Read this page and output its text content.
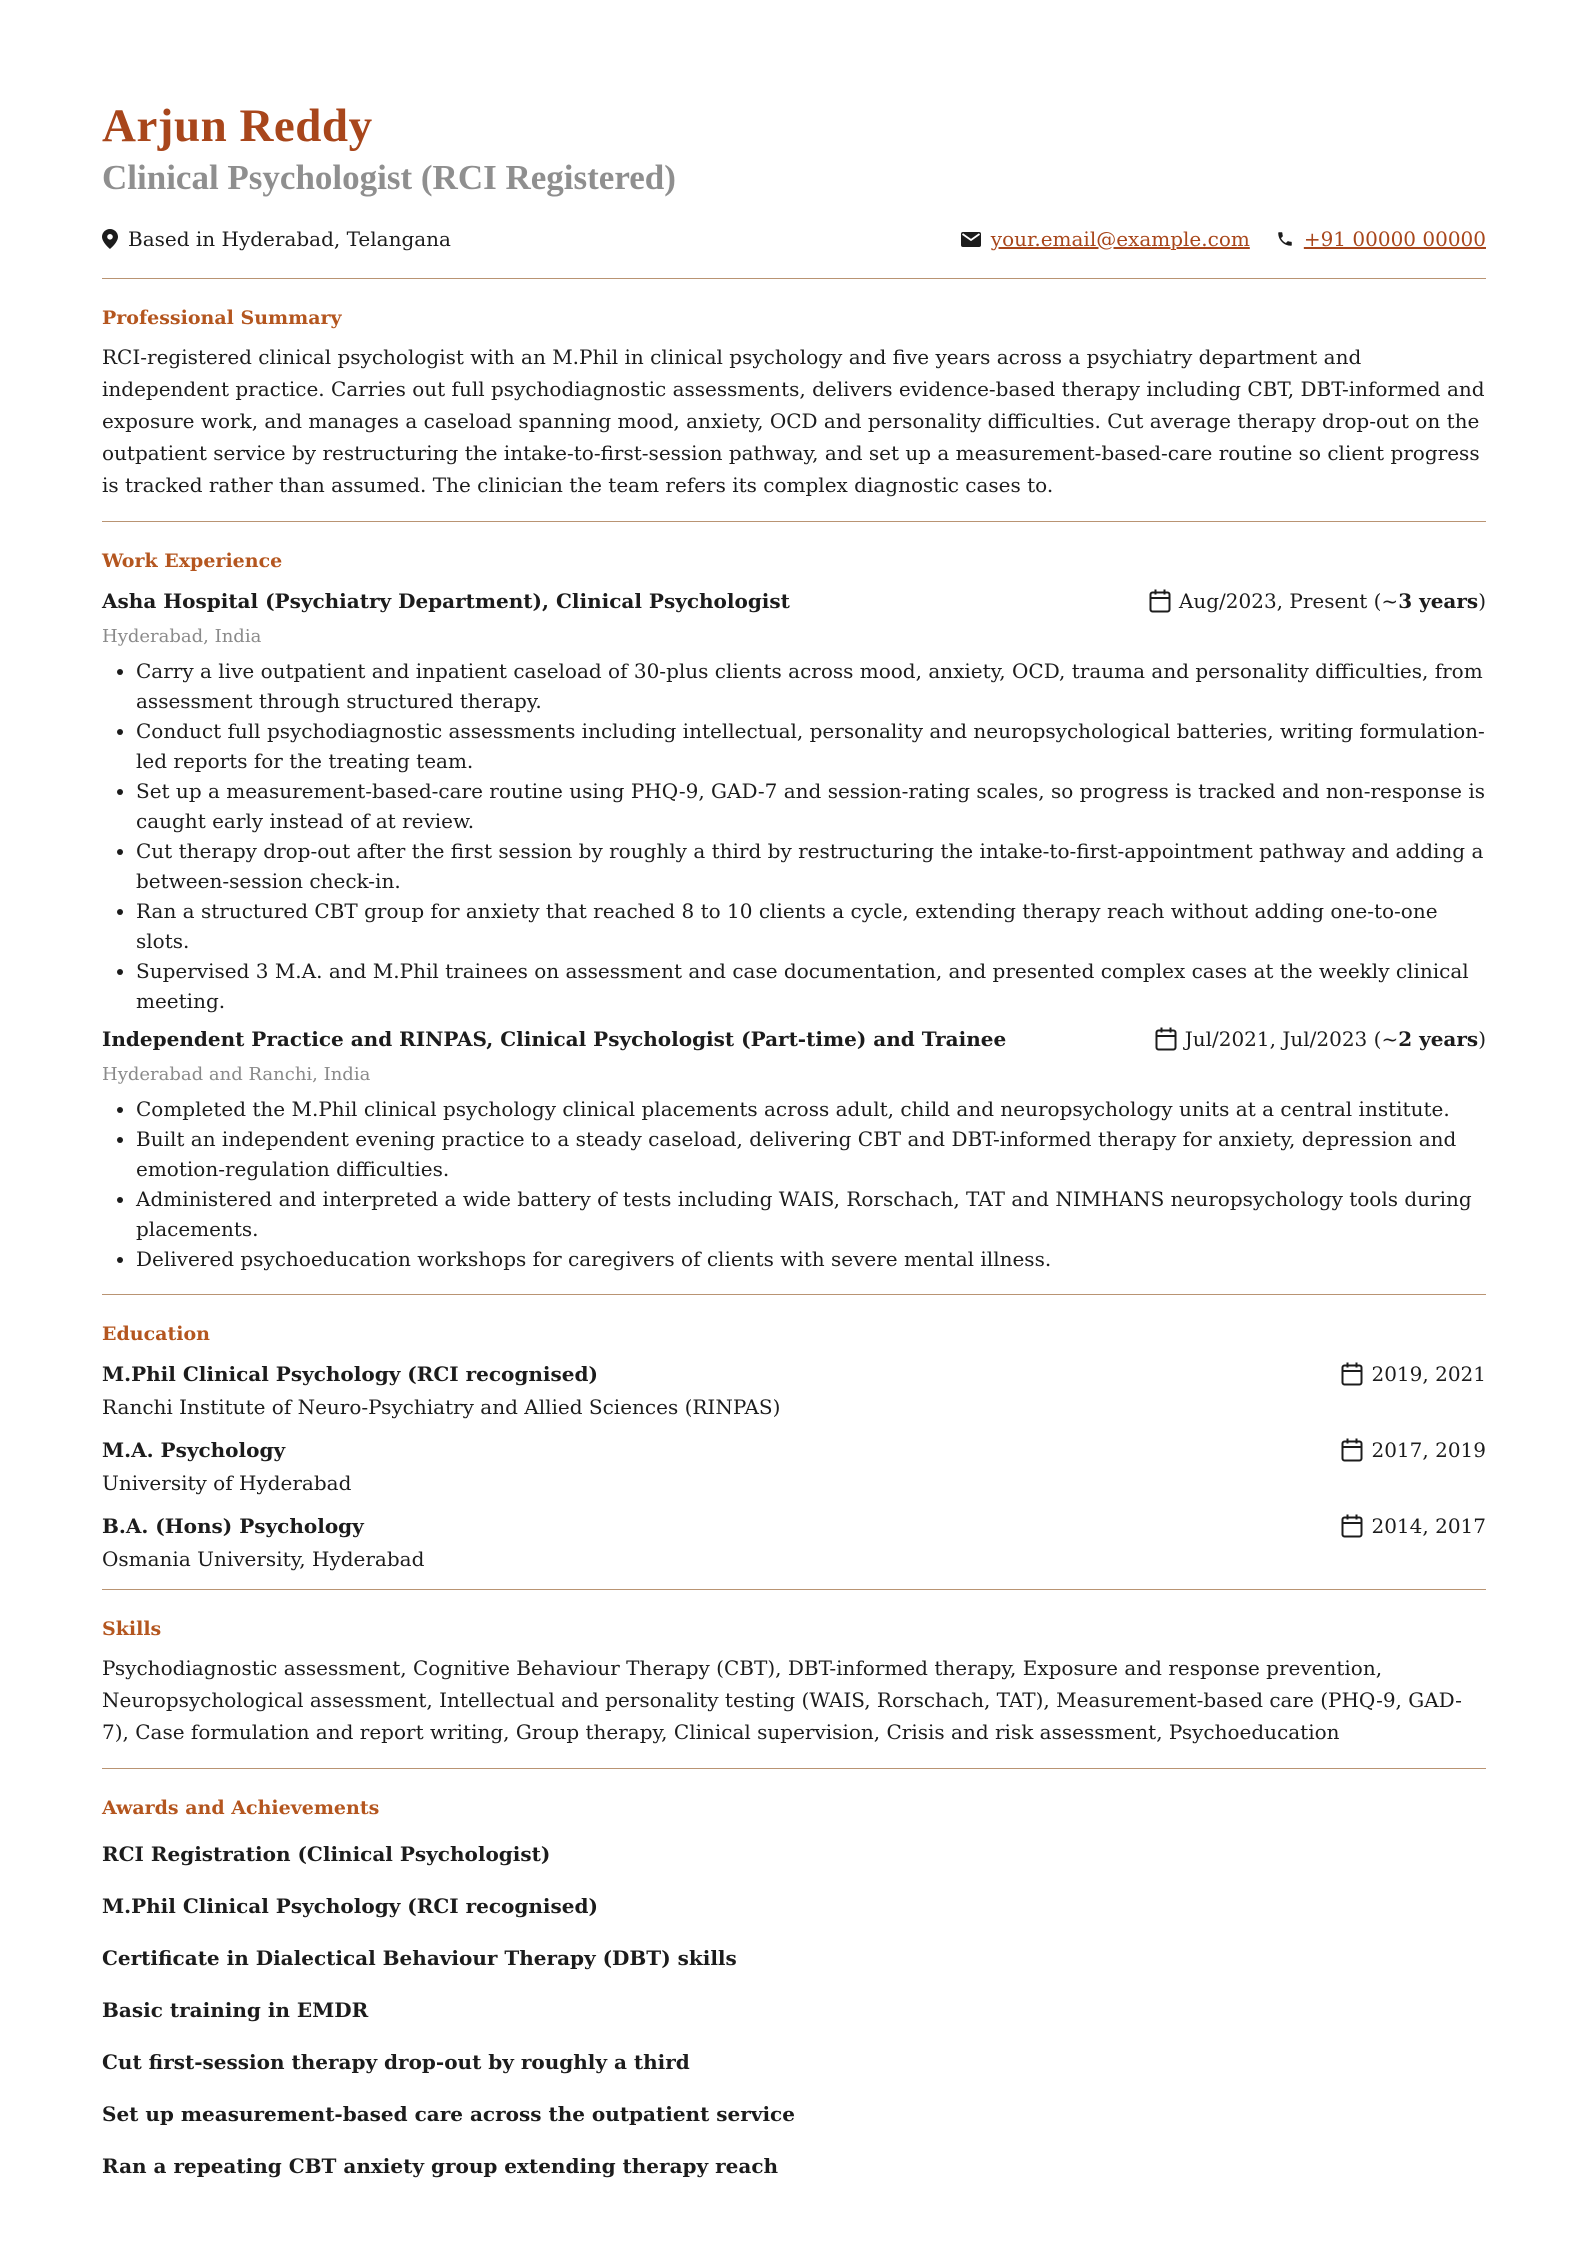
Arjun Reddy
Clinical Psychologist (RCI Registered)
Based in Hyderabad, Telangana	your.email@example.com	+91 00000 00000
Professional Summary

RCI-registered clinical psychologist with an M.Phil in clinical psychology and five years across a psychiatry department and independent practice. Carries out full psychodiagnostic assessments, delivers evidence-based therapy including CBT, DBT-informed and exposure work, and manages a caseload spanning mood, anxiety, OCD and personality difficulties. Cut average therapy drop-out on the outpatient service by restructuring the intake-to-first-session pathway, and set up a measurement-based-care routine so client progress is tracked rather than assumed. The clinician the team refers its complex diagnostic cases to.

Work Experience
Asha Hospital (Psychiatry Department), Clinical Psychologist	Aug/2023, Present (~ 3 years )
Hyderabad, India
• Carry a live outpatient and inpatient caseload of 30-plus clients across mood, anxiety, OCD, trauma and personality difficulties, from assessment through structured therapy.
• Conduct full psychodiagnostic assessments including intellectual, personality and neuropsychological batteries, writing formulation-led reports for the treating team.
• Set up a measurement-based-care routine using PHQ-9, GAD-7 and session-rating scales, so progress is tracked and non-response is caught early instead of at review.
• Cut therapy drop-out after the first session by roughly a third by restructuring the intake-to-first-appointment pathway and adding a between-session check-in.
• Ran a structured CBT group for anxiety that reached 8 to 10 clients a cycle, extending therapy reach without adding one-to-one slots.
• Supervised 3 M.A. and M.Phil trainees on assessment and case documentation, and presented complex cases at the weekly clinical meeting.
Independent Practice and RINPAS, Clinical Psychologist (Part-time) and Trainee	Jul/2021, Jul/2023 (~ 2 years )
Hyderabad and Ranchi, India
• Completed the M.Phil clinical psychology clinical placements across adult, child and neuropsychology units at a central institute.
• Built an independent evening practice to a steady caseload, delivering CBT and DBT-informed therapy for anxiety, depression and emotion-regulation difficulties.
• Administered and interpreted a wide battery of tests including WAIS, Rorschach, TAT and NIMHANS neuropsychology tools during placements.
• Delivered psychoeducation workshops for caregivers of clients with severe mental illness.
Education
M.Phil Clinical Psychology (RCI recognised)	2019, 2021
Ranchi Institute of Neuro-Psychiatry and Allied Sciences (RINPAS)
M.A. Psychology	2017, 2019
University of Hyderabad
B.A. (Hons) Psychology	2014, 2017
Osmania University, Hyderabad
Skills

Psychodiagnostic assessment, Cognitive Behaviour Therapy (CBT), DBT-informed therapy, Exposure and response prevention, Neuropsychological assessment, Intellectual and personality testing (WAIS, Rorschach, TAT), Measurement-based care (PHQ-9, GAD-7), Case formulation and report writing, Group therapy, Clinical supervision, Crisis and risk assessment, Psychoeducation

Awards and Achievements
RCI Registration (Clinical Psychologist)
M.Phil Clinical Psychology (RCI recognised)
Certificate in Dialectical Behaviour Therapy (DBT) skills
Basic training in EMDR
Cut first-session therapy drop-out by roughly a third
Set up measurement-based care across the outpatient service
Ran a repeating CBT anxiety group extending therapy reach
